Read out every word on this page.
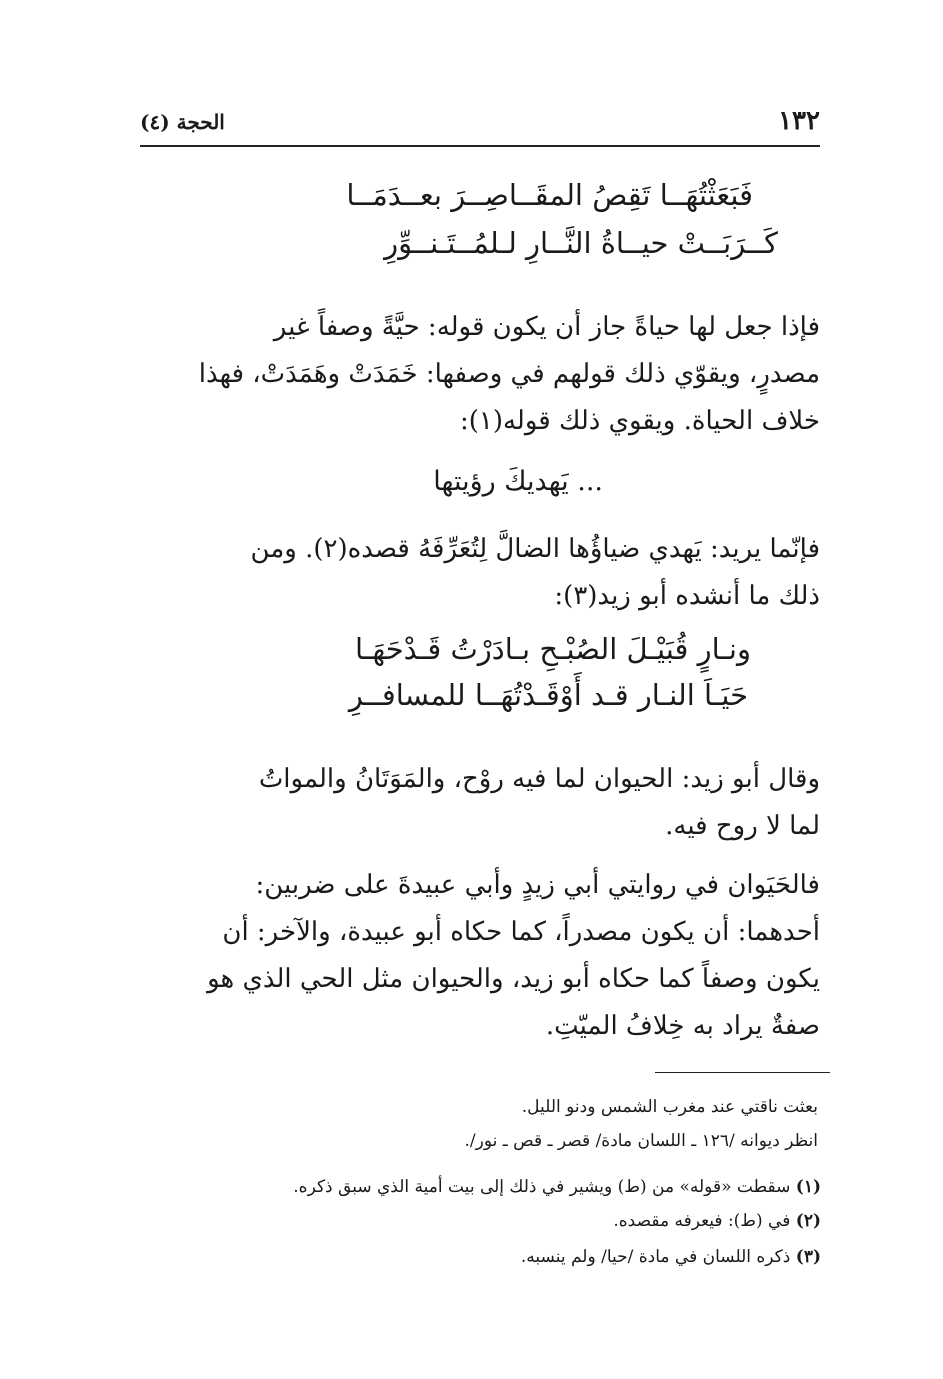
١٣٢
الحجة (٤)
فَبَعَثْتُهَــا تَقِصُ المقَــاصِــرَ بعــدَمَــا
كَــرَبَــتْ حيــاةُ النَّــارِ لـلمُــتَـنــوِّرِ
فإذا جعل لها حياةً جاز أن يكون قوله: حيَّةً وصفاً غير
مصدرٍ، ويقوّي ذلك قولهم في وصفها: خَمَدَتْ وهَمَدَتْ، فهذا
خلاف الحياة. ويقوي ذلك قوله(١):
... يَهديكَ رؤيتها
فإنّما يريد: يَهدي ضياؤُها الضالَّ لِتُعَرِّفَهُ قصده(٢). ومن
ذلك ما أنشده أبو زيد(٣):
ونـارٍ قُبَيْـلَ الصُبْـحِ بـادَرْتُ قَـدْحَهَـا
حَيَـاَ النـار قـد أَوْقَـدْتُهَــا للمسافــرِ
وقال أبو زيد: الحيوان لما فيه روْح، والمَوَتَانُ والمواتُ
لما لا روح فيه.
فالحَيَوان في روايتي أبي زيدٍ وأبي عبيدةَ على ضربين:
أحدهما: أن يكون مصدراً، كما حكاه أبو عبيدة، والآخر: أن
يكون وصفاً كما حكاه أبو زيد، والحيوان مثل الحي الذي هو
صفةٌ يراد به خِلافُ الميّتِ.
بعثت ناقتي عند مغرب الشمس ودنو الليل.
انظر ديوانه /١٢٦ ـ اللسان مادة/ قصر ـ قص ـ نور/.
(١) سقطت «قوله» من (ط) ويشير في ذلك إلى بيت أمية الذي سبق ذكره.
(٢) في (ط): فيعرفه مقصده.
(٣) ذكره اللسان في مادة /حيا/ ولم ينسبه.
